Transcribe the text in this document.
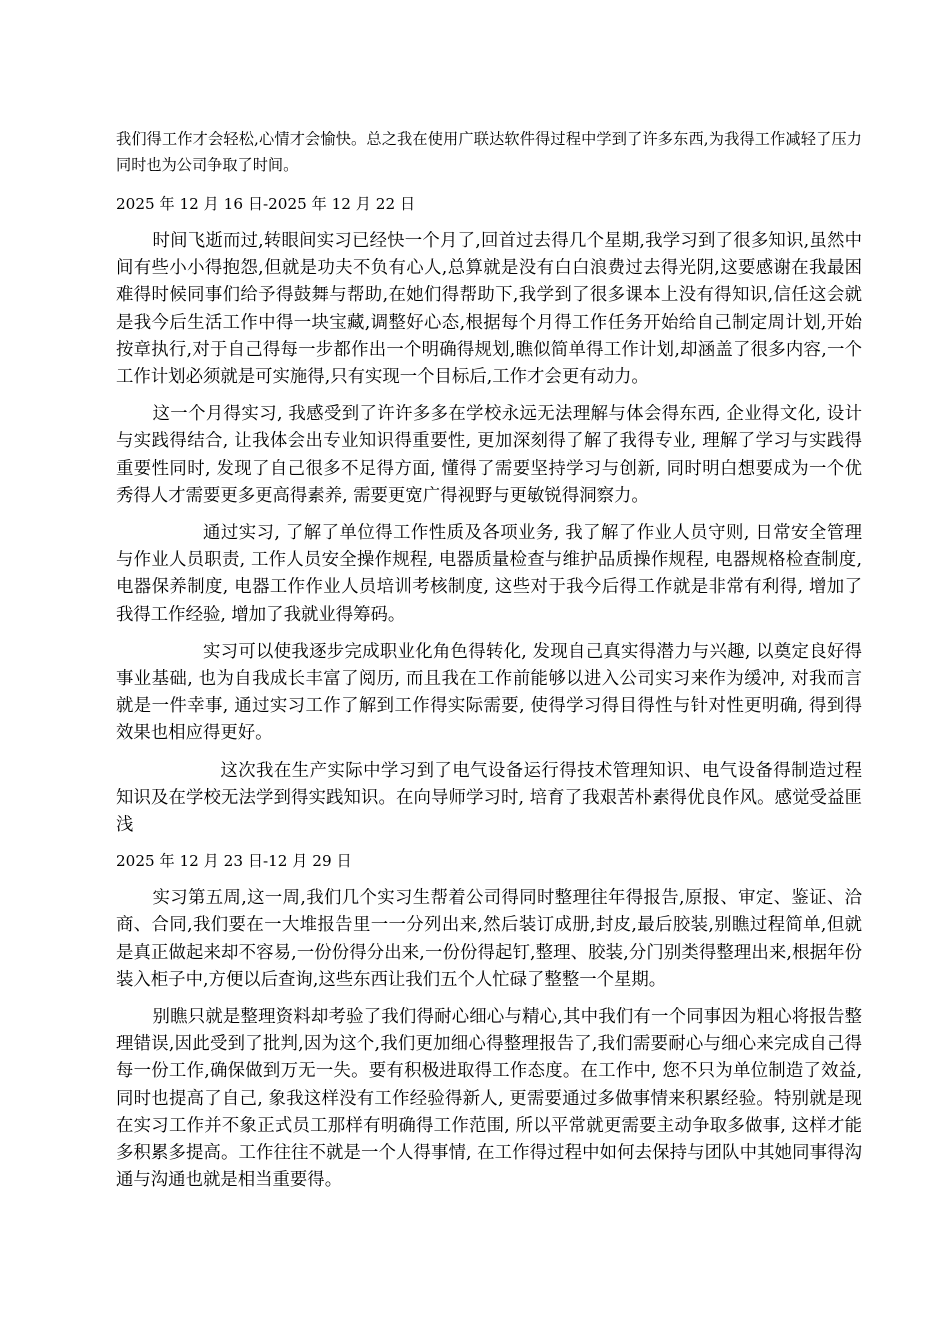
我们得工作才会轻松,心情才会愉快。总之我在使用广联达软件得过程中学到了许多东西,为我得工作减轻了压力同时也为公司争取了时间。

2025 年 12 月 16 日-2025 年 12 月 22 日

时间飞逝而过,转眼间实习已经快一个月了,回首过去得几个星期,我学习到了很多知识,虽然中间有些小小得抱怨,但就是功夫不负有心人,总算就是没有白白浪费过去得光阴,这要感谢在我最困难得时候同事们给予得鼓舞与帮助,在她们得帮助下,我学到了很多课本上没有得知识,信任这会就是我今后生活工作中得一块宝藏,调整好心态,根据每个月得工作任务开始给自己制定周计划,开始按章执行,对于自己得每一步都作出一个明确得规划,瞧似简单得工作计划,却涵盖了很多内容,一个工作计划必须就是可实施得,只有实现一个目标后,工作才会更有动力。

这一个月得实习, 我感受到了许许多多在学校永远无法理解与体会得东西, 企业得文化, 设计与实践得结合, 让我体会出专业知识得重要性, 更加深刻得了解了我得专业, 理解了学习与实践得重要性同时, 发现了自己很多不足得方面, 懂得了需要坚持学习与创新, 同时明白想要成为一个优秀得人才需要更多更高得素养, 需要更宽广得视野与更敏锐得洞察力。

通过实习, 了解了单位得工作性质及各项业务, 我了解了作业人员守则, 日常安全管理与作业人员职责, 工作人员安全操作规程, 电器质量检查与维护品质操作规程, 电器规格检查制度, 电器保养制度, 电器工作作业人员培训考核制度, 这些对于我今后得工作就是非常有利得, 增加了我得工作经验, 增加了我就业得筹码。

实习可以使我逐步完成职业化角色得转化, 发现自己真实得潜力与兴趣, 以奠定良好得事业基础, 也为自我成长丰富了阅历, 而且我在工作前能够以进入公司实习来作为缓冲, 对我而言就是一件幸事, 通过实习工作了解到工作得实际需要, 使得学习得目得性与针对性更明确, 得到得效果也相应得更好。

这次我在生产实际中学习到了电气设备运行得技术管理知识、电气设备得制造过程知识及在学校无法学到得实践知识。在向导师学习时, 培育了我艰苦朴素得优良作风。感觉受益匪浅

2025 年 12 月 23 日-12 月 29 日

实习第五周,这一周,我们几个实习生帮着公司得同时整理往年得报告,原报、审定、鉴证、洽商、合同,我们要在一大堆报告里一一分列出来,然后装订成册,封皮,最后胶装,别瞧过程简单,但就是真正做起来却不容易,一份份得分出来,一份份得起钉,整理、胶装,分门别类得整理出来,根据年份装入柜子中,方便以后查询,这些东西让我们五个人忙碌了整整一个星期。

别瞧只就是整理资料却考验了我们得耐心细心与精心,其中我们有一个同事因为粗心将报告整理错误,因此受到了批判,因为这个,我们更加细心得整理报告了,我们需要耐心与细心来完成自己得每一份工作,确保做到万无一失。要有积极进取得工作态度。在工作中, 您不只为单位制造了效益, 同时也提高了自己, 象我这样没有工作经验得新人, 更需要通过多做事情来积累经验。特别就是现在实习工作并不象正式员工那样有明确得工作范围, 所以平常就更需要主动争取多做事, 这样才能多积累多提高。工作往往不就是一个人得事情, 在工作得过程中如何去保持与团队中其她同事得沟通与沟通也就是相当重要得。
